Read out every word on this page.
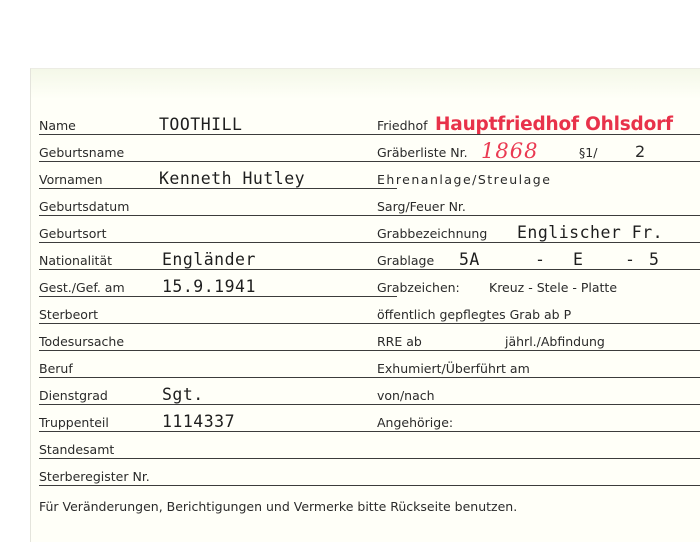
Name	TOOTHILL
Geburtsname
Vornamen	Kenneth Hutley
Geburtsdatum
Geburtsort
Nationalität	Engländer
Gest./Gef. am 15.9.1941
Sterbeort
Todesursache
Beruf
Dienstgrad	Sgt.
Truppenteil	1114337
Standesamt
Sterberegister Nr.
Friedhof Hauptfriedhof Ohlsdorf
Gräberliste Nr. 1868	§1/ 2
Ehrenanlage/Streulage
Sarg/Feuer Nr.
Grabbezeichnung Englischer Fr.
Grablage 5A	- E	- 5
Grabzeichen: Kreuz - Stele - Platte
öffentlich gepflegtes Grab ab P
RRE ab	jährl./Abfindung
Exhumiert/Überführt am
von/nach
Angehörige:
Für Veränderungen, Berichtigungen und Vermerke bitte Rückseite benutzen.
